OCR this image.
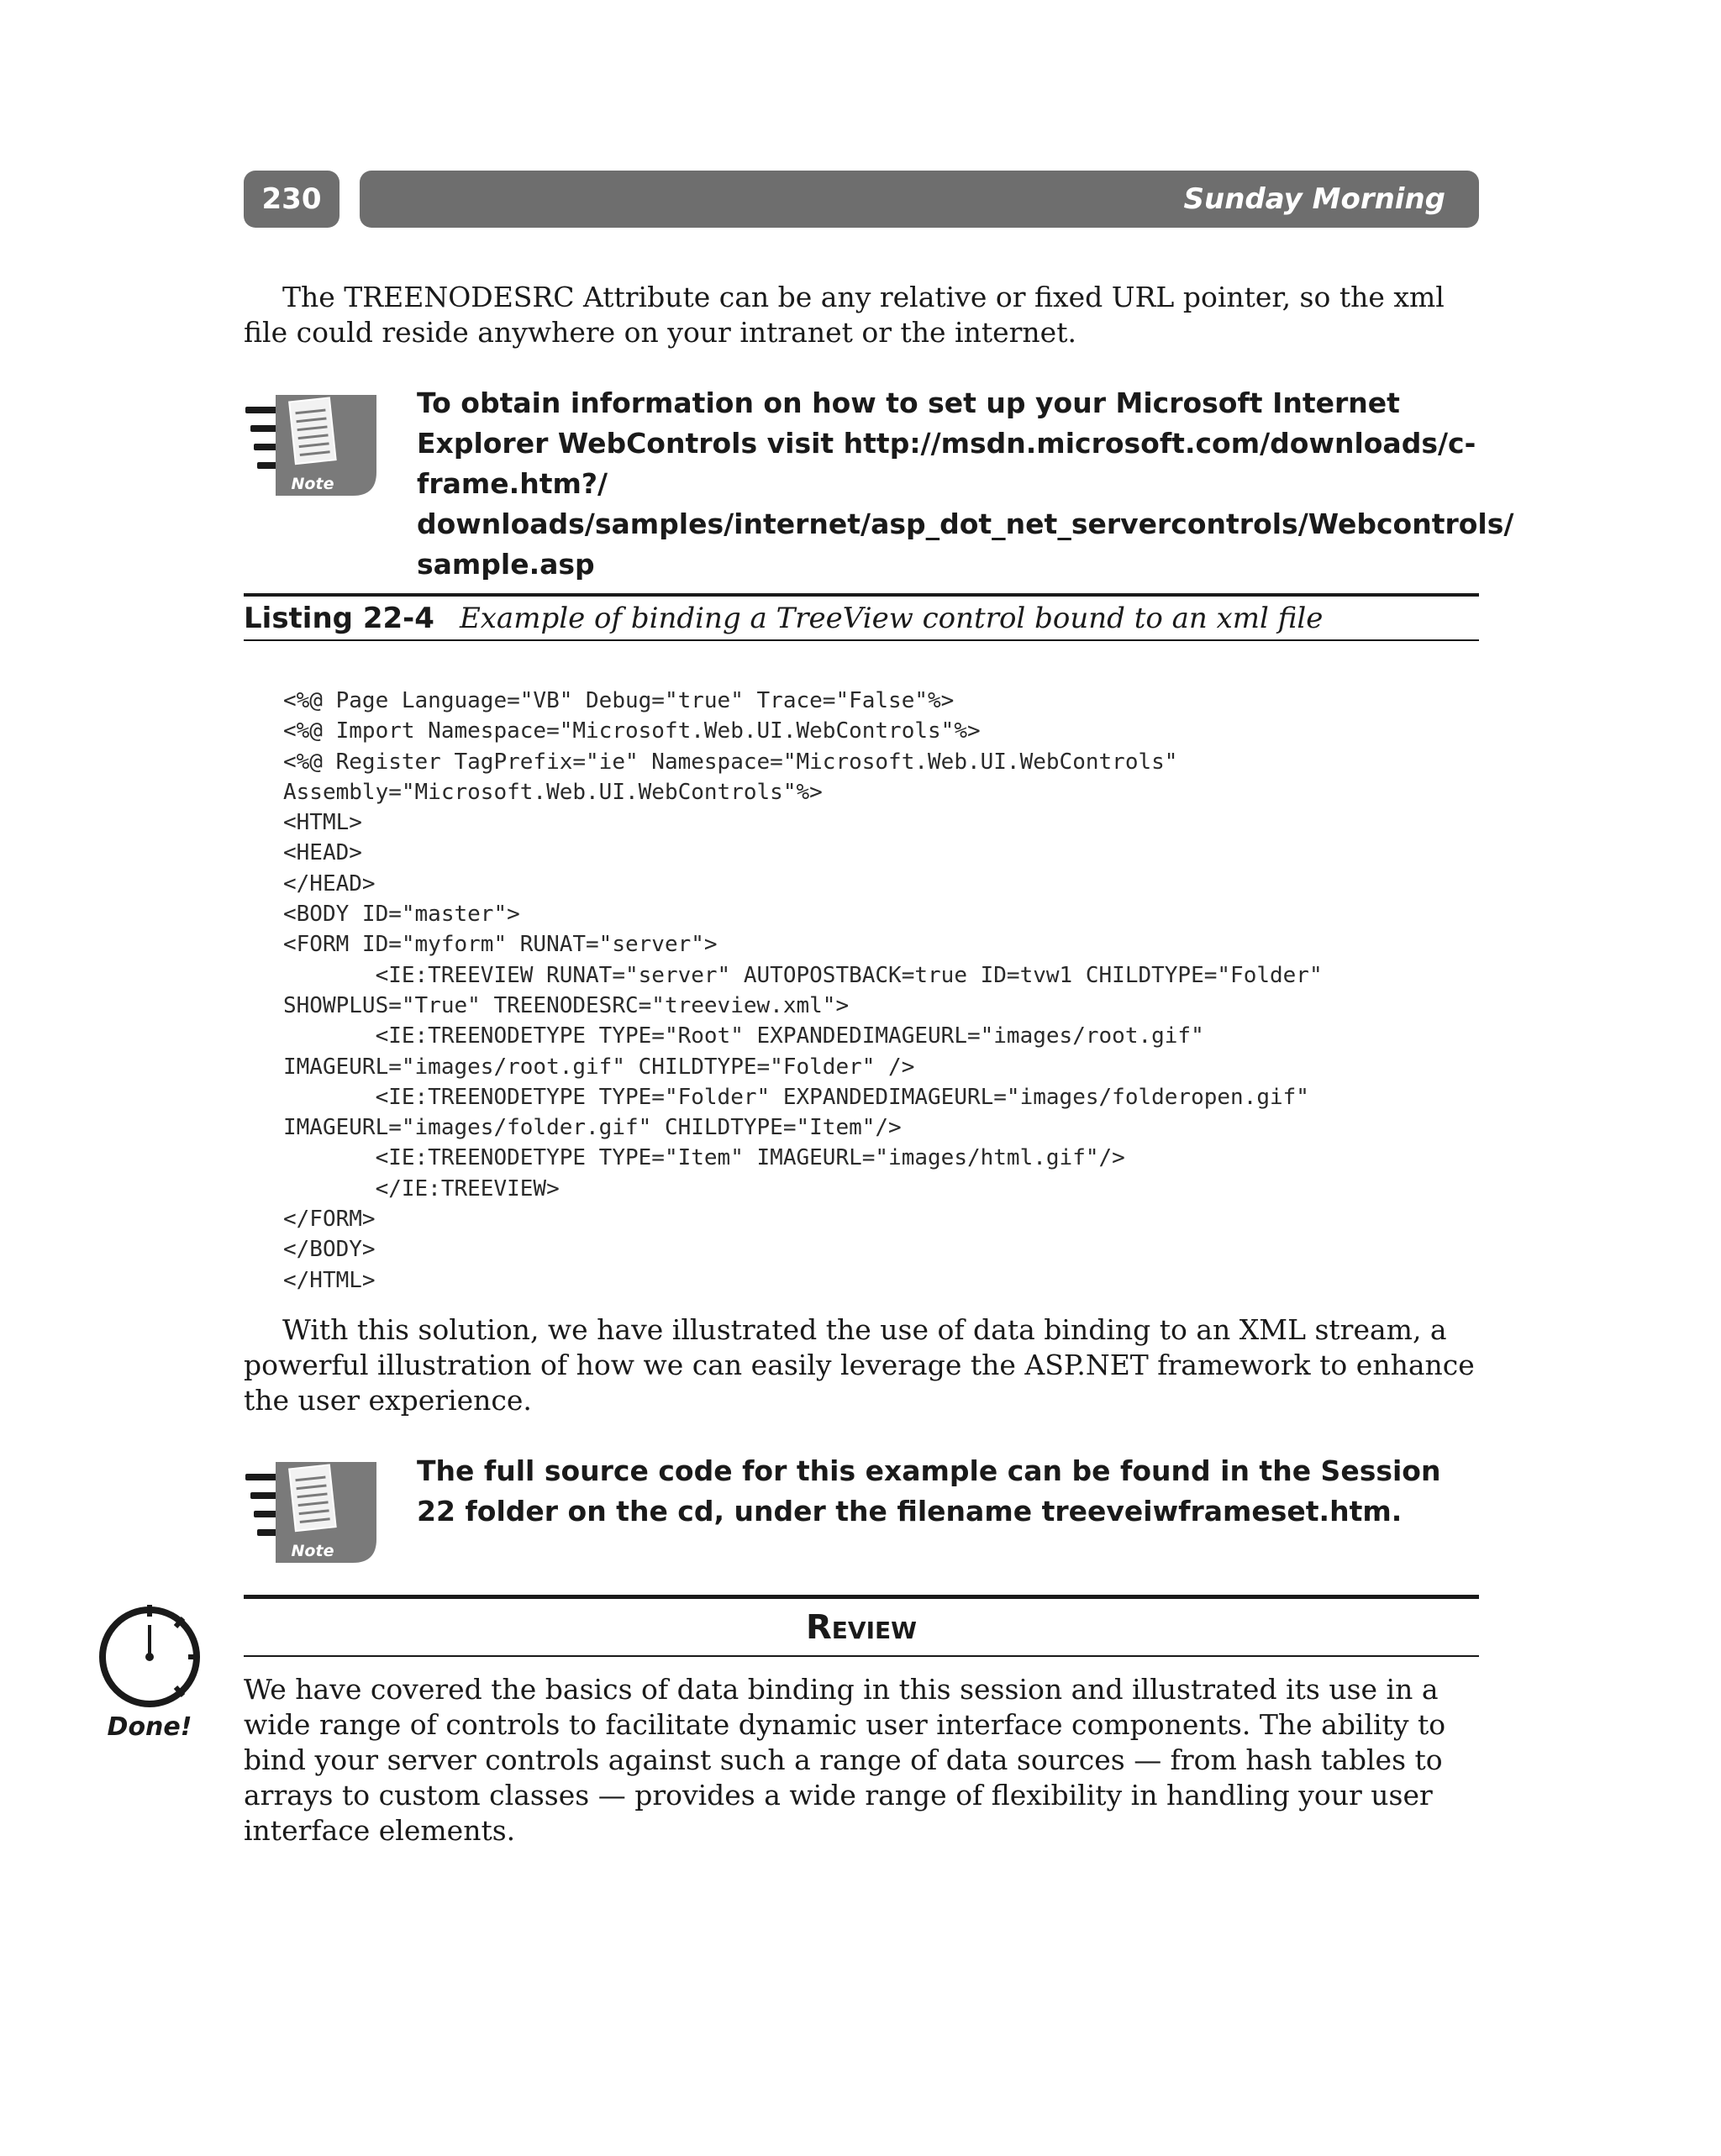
230	Sunday Morning
The TREENODESRC Attribute can be any relative or fixed URL pointer, so the xml file could reside anywhere on your intranet or the internet.
Note
To obtain information on how to set up your Microsoft Internet Explorer WebControls visit http://msdn.microsoft.com/downloads/c-frame.htm?/ downloads/samples/internet/asp_dot_net_servercontrols/Webcontrols/ sample.asp
Listing 22-4 Example of binding a TreeView control bound to an xml file
<%@ Page Language="VB" Debug="true" Trace="False"%>
<%@ Import Namespace="Microsoft.Web.UI.WebControls"%>
<%@ Register TagPrefix="ie" Namespace="Microsoft.Web.UI.WebControls"
Assembly="Microsoft.Web.UI.WebControls"%>
<HTML>
<HEAD>
</HEAD>
<BODY ID="master">
<FORM ID="myform" RUNAT="server">
<IE:TREEVIEW RUNAT="server" AUTOPOSTBACK=true ID=tvw1 CHILDTYPE="Folder"
SHOWPLUS="True" TREENODESRC="treeview.xml">
<IE:TREENODETYPE TYPE="Root" EXPANDEDIMAGEURL="images/root.gif"
IMAGEURL="images/root.gif" CHILDTYPE="Folder" />
<IE:TREENODETYPE TYPE="Folder" EXPANDEDIMAGEURL="images/folderopen.gif"
IMAGEURL="images/folder.gif" CHILDTYPE="Item"/>
<IE:TREENODETYPE TYPE="Item" IMAGEURL="images/html.gif"/>
</IE:TREEVIEW>
</FORM>
</BODY>
</HTML>
With this solution, we have illustrated the use of data binding to an XML stream, a powerful illustration of how we can easily leverage the ASP.NET framework to enhance the user experience.
Note
The full source code for this example can be found in the Session 22 folder on the cd, under the filename treeveiwframeset.htm.
Done!
Review
We have covered the basics of data binding in this session and illustrated its use in a wide range of controls to facilitate dynamic user interface components. The ability to bind your server controls against such a range of data sources — from hash tables to arrays to custom classes — provides a wide range of flexibility in handling your user interface elements.
